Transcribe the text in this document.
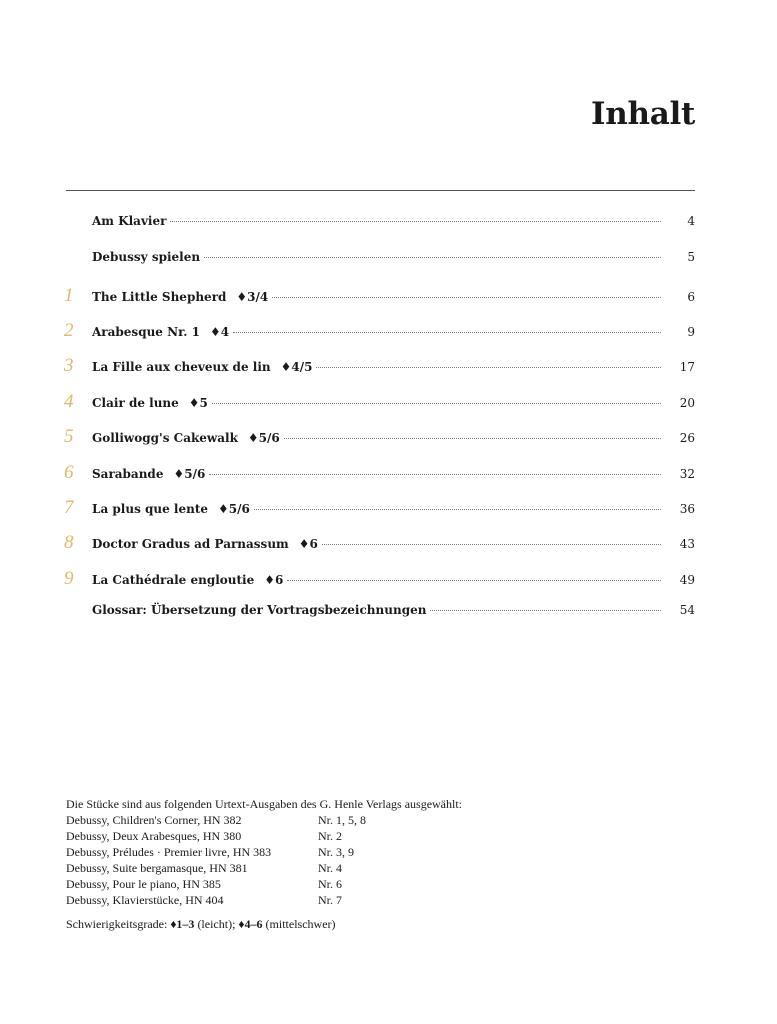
Inhalt
Am Klavier	4
Debussy spielen	5
1	The Little Shepherd ♦3/4	6
2	Arabesque Nr. 1 ♦4	9
3	La Fille aux cheveux de lin ♦4/5	17
4	Clair de lune ♦5	20
5	Golliwogg's Cakewalk ♦5/6	26
6	Sarabande ♦5/6	32
7	La plus que lente ♦5/6	36
8	Doctor Gradus ad Parnassum ♦6	43
9	La Cathédrale engloutie ♦6	49
Glossar: Übersetzung der Vortragsbezeichnungen	54
Die Stücke sind aus folgenden Urtext-Ausgaben des G. Henle Verlags ausgewählt:
Debussy, Children's Corner, HN 382	Nr. 1, 5, 8
Debussy, Deux Arabesques, HN 380	Nr. 2
Debussy, Préludes · Premier livre, HN 383	Nr. 3, 9
Debussy, Suite bergamasque, HN 381	Nr. 4
Debussy, Pour le piano, HN 385	Nr. 6
Debussy, Klavierstücke, HN 404	Nr. 7
Schwierigkeitsgrade: ♦1–3 (leicht); ♦4–6 (mittelschwer)
